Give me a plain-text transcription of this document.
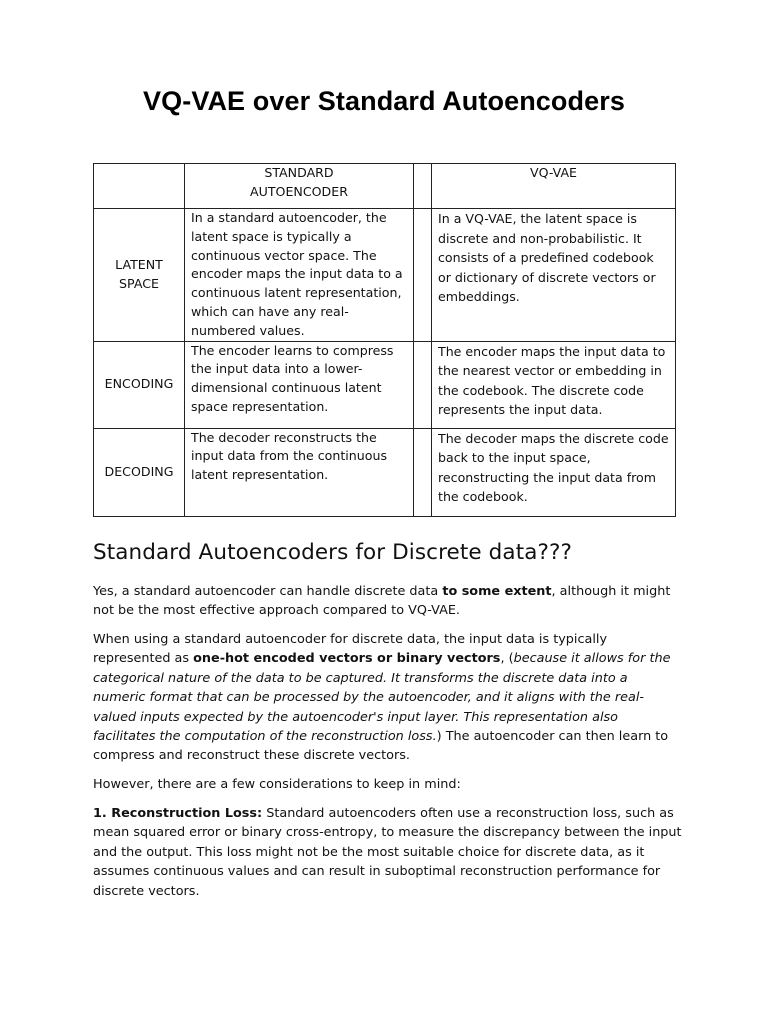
VQ-VAE over Standard Autoencoders
	STANDARD
AUTOENCODER		VQ-VAE
LATENT
SPACE	In a standard autoencoder, the latent space is typically a continuous vector space. The encoder maps the input data to a continuous latent representation, which can have any real-numbered values.		In a VQ-VAE, the latent space is discrete and non-probabilistic. It consists of a predefined codebook or dictionary of discrete vectors or embeddings.
ENCODING	The encoder learns to compress the input data into a lower-dimensional continuous latent space representation.		The encoder maps the input data to the nearest vector or embedding in the codebook. The discrete code represents the input data.
DECODING	The decoder reconstructs the input data from the continuous latent representation.		The decoder maps the discrete code back to the input space, reconstructing the input data from the codebook.
Standard Autoencoders for Discrete data???

Yes, a standard autoencoder can handle discrete data to some extent, although it might not be the most effective approach compared to VQ-VAE.

When using a standard autoencoder for discrete data, the input data is typically represented as one-hot encoded vectors or binary vectors, (because it allows for the categorical nature of the data to be captured. It transforms the discrete data into a numeric format that can be processed by the autoencoder, and it aligns with the real-valued inputs expected by the autoencoder's input layer. This representation also facilitates the computation of the reconstruction loss.) The autoencoder can then learn to compress and reconstruct these discrete vectors.

However, there are a few considerations to keep in mind:

1. Reconstruction Loss: Standard autoencoders often use a reconstruction loss, such as mean squared error or binary cross-entropy, to measure the discrepancy between the input and the output. This loss might not be the most suitable choice for discrete data, as it assumes continuous values and can result in suboptimal reconstruction performance for discrete vectors.
